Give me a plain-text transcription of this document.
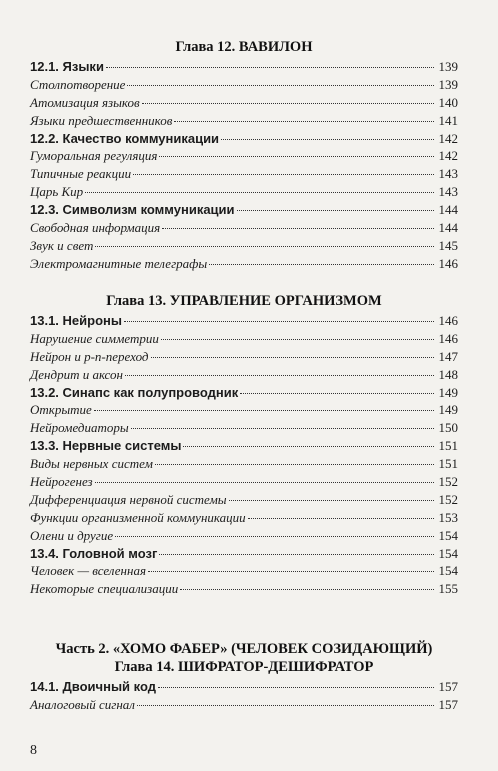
Глава 12. ВАВИЛОН
12.1. Языки	139
Столпотворение	139
Атомизация языков	140
Языки предшественников	141
12.2. Качество коммуникации	142
Гуморальная регуляция	142
Типичные реакции	143
Царь Кир	143
12.3. Символизм коммуникации	144
Свободная информация	144
Звук и свет	145
Электромагнитные телеграфы	146
Глава 13. УПРАВЛЕНИЕ ОРГАНИЗМОМ
13.1. Нейроны	146
Нарушение симметрии	146
Нейрон и р-п-переход	147
Дендрит и аксон	148
13.2. Синапс как полупроводник	149
Открытие	149
Нейромедиаторы	150
13.3. Нервные системы	151
Виды нервных систем	151
Нейрогенез	152
Дифференциация нервной системы	152
Функции организменной коммуникации	153
Олени и другие	154
13.4. Головной мозг	154
Человек — вселенная	154
Некоторые специализации	155
Часть 2. «ХОМО ФАБЕР» (ЧЕЛОВЕК СОЗИДАЮЩИЙ)
Глава 14. ШИФРАТОР-ДЕШИФРАТОР
14.1. Двоичный код	157
Аналоговый сигнал	157
8
